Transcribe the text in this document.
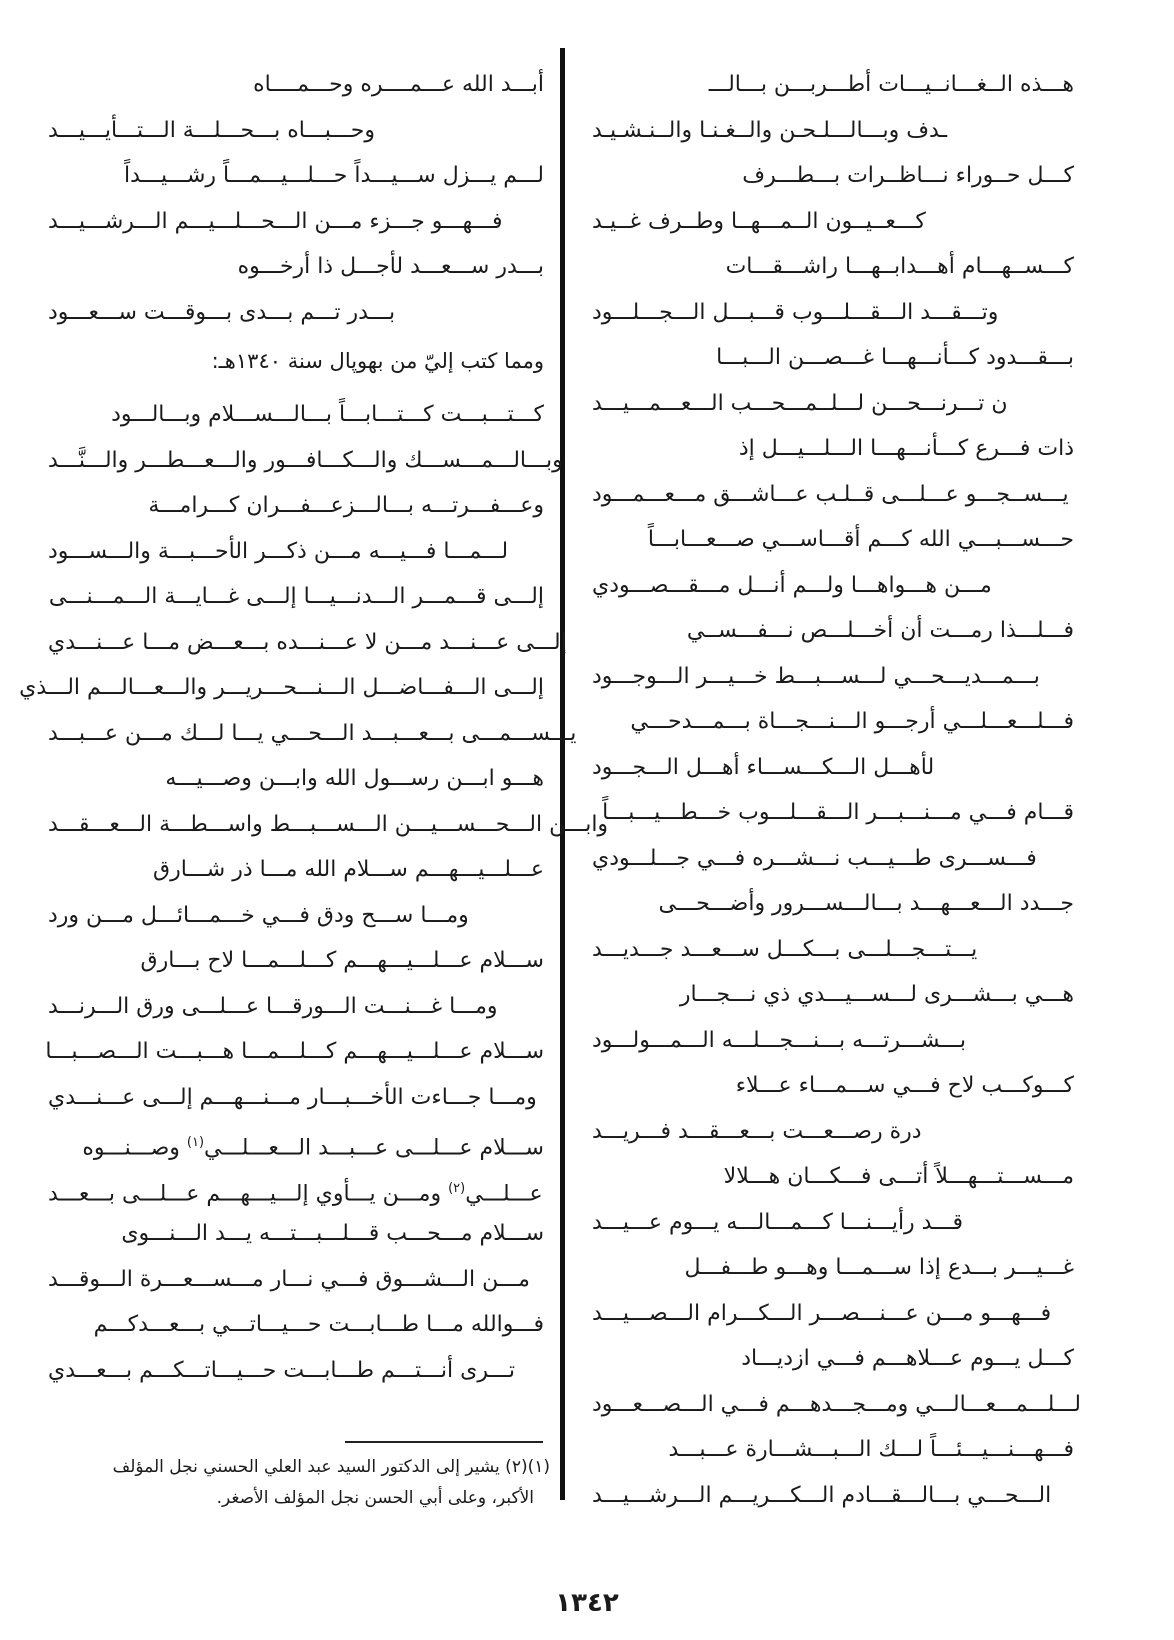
هـــذه الــغـــانــيـــات أطـــربـــن بـــالـــ
ـدف وبـــالـــلـحـن والــغـنـا والــنـشـيـد
كـــل حــوراء نـــاظــرات بـــطـــرف
كـــعــيــون الــمـــهــا وطــرف غــيـد
كـــســهـــام أهـــدابــهـــا راشـــقـــات
وتـــقـــد الـــقـــلـــوب قـــبـــل الـــجـــلـــود
بـــقـــدود كـــأنـــهـــا غـــصـــن الـــبـــا
ن تـــرنـــحـــن لـــلــمـــحـــب الـــعـــمـــيـــد
ذات فـــرع كـــأنـــهـــا الـــلـــيـــل إذ
يـــســجـــو عـــلـــى قــلـب عـــاشـــق مـــعـــمـــود
حـــســـبـــي الله كـــم أقـــاســـي صـــعـــابـــاً
مـــن هـــواهـــا ولـــم أنـــل مـــقـــصـــودي
فـــلـــذا رمـــت أن أخـــلـــص نـــفـــســي
بـــمـــديـــحـــي لـــســـبـــط خـــيـــر الـــوجـــود
فـــلـــعـــلـــي أرجـــو الـــنـــجـــاة بـــمـــدحـــي
لأهـــل الـــكـــســـاء أهـــل الـــجـــود
قـــام فـــي مـــنـــبـــر الـــقـــلـــوب خـــطـــيـــبـــاً
فـــســـرى طـــيـــب نـــشـــره فـــي جـــلـــودي
جـــدد الـــعـــهـــد بـــالـــســـرور وأضـــحـــى
يـــتـــجـــلـــى بـــكـــل ســـعـــد جـــديـــد
هـــي بـــشـــرى لـــســـيـــدي ذي نـــجـــار
بـــشـــرتـــه بـــنـــجـــلـــه الـــمـــولـــود
كـــوكـــب لاح فـــي ســـمـــاء عـــلاء
درة رصـــعـــت بـــعـــقـــد فـــريـــد
مـــســـتـــهـــلاً أتـــى فـــكـــان هـــلالا
قـــد رأيـــنـــا كـــمـــالـــه يـــوم عـــيـــد
غـــيـــر بـــدع إذا ســـمـــا وهـــو طـــفـــل
فـــهـــو مـــن عـــنـــصـــر الـــكـــرام الـــصـــيـــد
كـــل يـــوم عـــلاهـــم فـــي ازديـــاد
لـــلـــمـــعـــالـــي ومـــجـــدهـــم فـــي الـــصـــعـــود
فـــهـــنـــيـــئـــاً لـــك الـــبـــشـــارة عـــبـــد
الـــحـــي بـــالـــقـــادم الـــكـــريـــم الـــرشـــيـــد
أبـــد الله عـــمــــره وحـــمــــاه
وحـــبـــاه بـــحـــلـــة الـــتـــأيـــيـــد
لـــم يـــزل ســـيـــداً حـــلـــيـــمـــاً رشـــيـــداً
فـــهـــو جـــزء مـــن الـــحـــلـــيـــم الـــرشـــيـــد
بـــدر ســـعـــد لأجـــل ذا أرخـــوه
بـــدر تـــم بـــدى بـــوقـــت ســـعـــود
ومما كتب إليّ من بهوپال سنة ١٣٤٠هـ:
كـــتـــبـــت كـــتـــابـــاً بـــالـــســـلام وبـــالـــود
وبـــالـــمـــســـك والـــكـــافـــور والـــعـــطـــر والـــنَّـــد
وعـــفـــرتـــه بـــالـــزعـــفـــران كـــرامـــة
لـــمـــا فـــيـــه مـــن ذكـــر الأحـــبـــة والـــســـود
إلـــى قـــمـــر الـــدنـــيـــا إلـــى غـــايـــة الـــمـــنـــى
إلـــى عـــنـــد مـــن لا عـــنـــده بـــعـــض مـــا عـــنـــدي
إلـــى الـــفـــاضـــل الـــنـــحـــريـــر والـــعـــالـــم الـــذي
يـــســـمـــى بـــعـــبـــد الـــحـــي يـــا لـــك مـــن عـــبـــد
هـــو ابـــن رســـول الله وابـــن وصـــيـــه
وابـــن الـــحـــســـيـــن الـــســـبـــط واســـطـــة الـــعـــقـــد
عـــلـــيـــهـــم ســـلام الله مـــا ذر شـــارق
ومـــا ســـح ودق فـــي خـــمـــائـــل مـــن ورد
ســـلام عـــلـــيـــهـــم كـــلـــمـــا لاح بـــارق
ومـــا غـــنـــت الـــورقـــا عـــلـــى ورق الـــرنـــد
ســـلام عـــلـــيـــهـــم كـــلـــمـــا هـــبـــت الـــصـــبـــا
ومـــا جـــاءت الأخـــبـــار مـــنـــهـــم إلـــى عـــنـــدي
ســـلام عـــلـــى عـــبـــد الـــعـــلـــي$^{(١)}$ وصـــنـــوه
عـــلـــي$^{(٢)}$ ومـــن يـــأوي إلـــيـــهـــم عـــلـــى بـــعـــد
ســـلام مـــحـــب قـــلـــبـــتـــه يـــد الـــنـــوى
مـــن الـــشـــوق فـــي نـــار مـــســـعـــرة الـــوقـــد
فـــوالله مـــا طـــابـــت حـــيـــاتـــي بـــعـــدكـــم
تـــرى أنـــتـــم طـــابـــت حـــيـــاتـــكـــم بـــعـــدي
(١)(٢) يشير إلى الدكتور السيد عبد العلي الحسني نجل المؤلف
الأكبر، وعلى أبي الحسن نجل المؤلف الأصغر.
١٣٤٢
